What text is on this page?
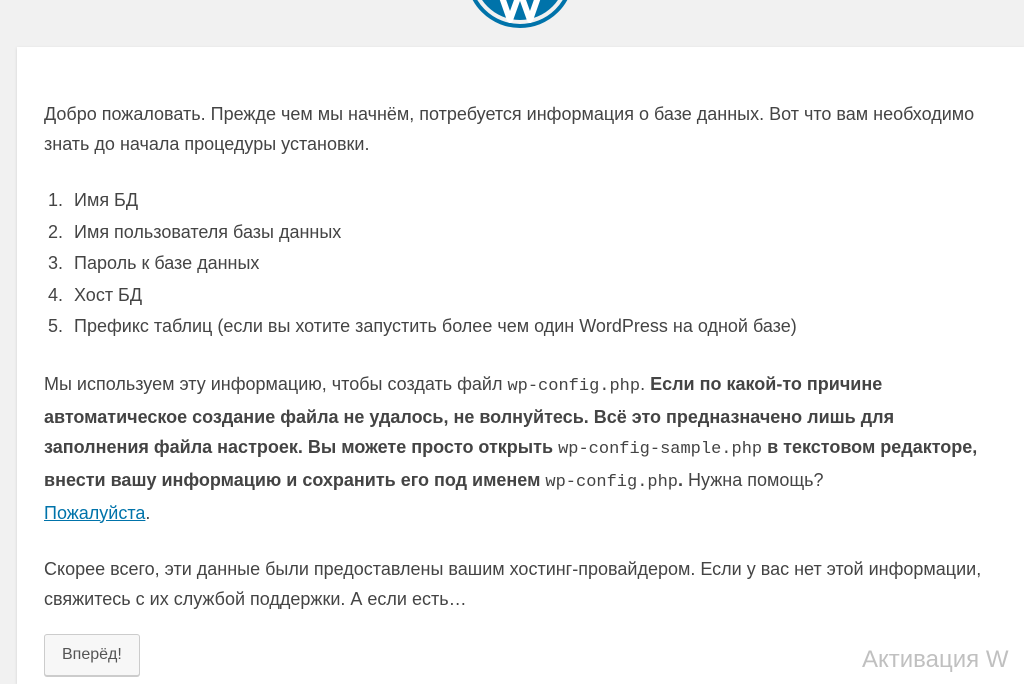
Добро пожаловать. Прежде чем мы начнём, потребуется информация о базе данных. Вот что вам необходимо знать до начала процедуры установки.

1. Имя БД
2. Имя пользователя базы данных
3. Пароль к базе данных
4. Хост БД
5. Префикс таблиц (если вы хотите запустить более чем один WordPress на одной базе)

Мы используем эту информацию, чтобы создать файл wp-config.php. Если по какой-то причине автоматическое создание файла не удалось, не волнуйтесь. Всё это предназначено лишь для заполнения файла настроек. Вы можете просто открыть wp-config-sample.php в текстовом редакторе, внести вашу информацию и сохранить его под именем wp-config.php. Нужна помощь?
Пожалуйста.

Скорее всего, эти данные были предоставлены вашим хостинг-провайдером. Если у вас нет этой информации, свяжитесь с их службой поддержки. А если есть…

Вперёд!	Активация W
